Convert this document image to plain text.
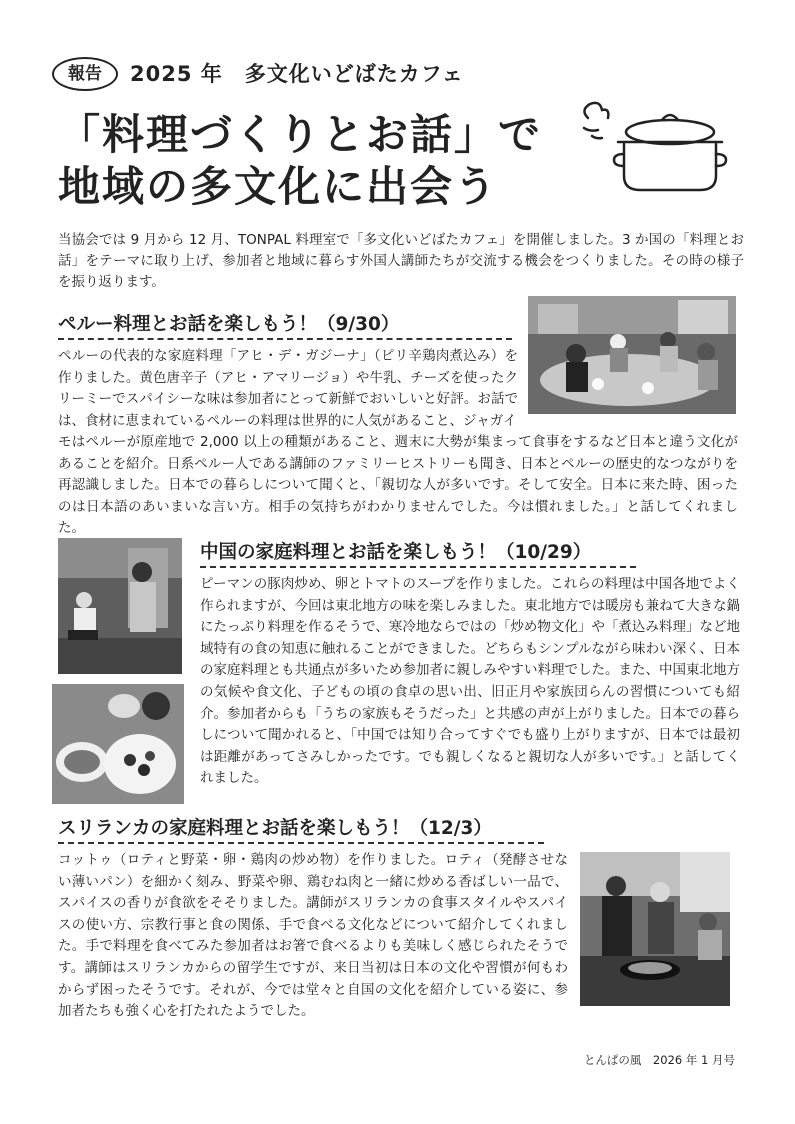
報告	2025 年　多文化いどばたカフェ
「料理づくりとお話」で
地域の多文化に出会う
当協会では 9 月から 12 月、TONPAL 料理室で「多文化いどばたカフェ」を開催しました。3 か国の「料理とお話」をテーマに取り上げ、参加者と地域に暮らす外国人講師たちが交流する機会をつくりました。その時の様子を振り返ります。
ペルー料理とお話を楽しもう！（9/30）
ペルーの代表的な家庭料理「アヒ・デ・ガジーナ」（ピリ辛鶏肉煮込み）を作りました。黄色唐辛子（アヒ・アマリージョ）や牛乳、チーズを使ったクリーミーでスパイシーな味は参加者にとって新鮮でおいしいと好評。お話では、食材に恵まれているペルーの料理は世界的に人気があること、ジャガイ
モはペルーが原産地で 2,000 以上の種類があること、週末に大勢が集まって食事をするなど日本と違う文化があることを紹介。日系ペルー人である講師のファミリーヒストリーも聞き、日本とペルーの歴史的なつながりを再認識しました。日本での暮らしについて聞くと、「親切な人が多いです。そして安全。日本に来た時、困ったのは日本語のあいまいな言い方。相手の気持ちがわかりませんでした。今は慣れました。」と話してくれました。
中国の家庭料理とお話を楽しもう！（10/29）
ピーマンの豚肉炒め、卵とトマトのスープを作りました。これらの料理は中国各地でよく作られますが、今回は東北地方の味を楽しみました。東北地方では暖房も兼ねて大きな鍋にたっぷり料理を作るそうで、寒冷地ならではの「炒め物文化」や「煮込み料理」など地域特有の食の知恵に触れることができました。どちらもシンプルながら味わい深く、日本の家庭料理とも共通点が多いため参加者に親しみやすい料理でした。また、中国東北地方の気候や食文化、子どもの頃の食卓の思い出、旧正月や家族団らんの習慣についても紹介。参加者からも「うちの家族もそうだった」と共感の声が上がりました。日本での暮らしについて聞かれると、「中国では知り合ってすぐでも盛り上がりますが、日本では最初は距離があってさみしかったです。でも親しくなると親切な人が多いです。」と話してくれました。
スリランカの家庭料理とお話を楽しもう！（12/3）
コットゥ（ロティと野菜・卵・鶏肉の炒め物）を作りました。ロティ（発酵させない薄いパン）を細かく刻み、野菜や卵、鶏むね肉と一緒に炒める香ばしい一品で、スパイスの香りが食欲をそそりました。講師がスリランカの食事スタイルやスパイスの使い方、宗教行事と食の関係、手で食べる文化などについて紹介してくれました。手で料理を食べてみた参加者はお箸で食べるよりも美味しく感じられたそうです。講師はスリランカからの留学生ですが、来日当初は日本の文化や習慣が何もわからず困ったそうです。それが、今では堂々と自国の文化を紹介している姿に、参加者たちも強く心を打たれたようでした。
とんぱの風　2026 年 1 月号
